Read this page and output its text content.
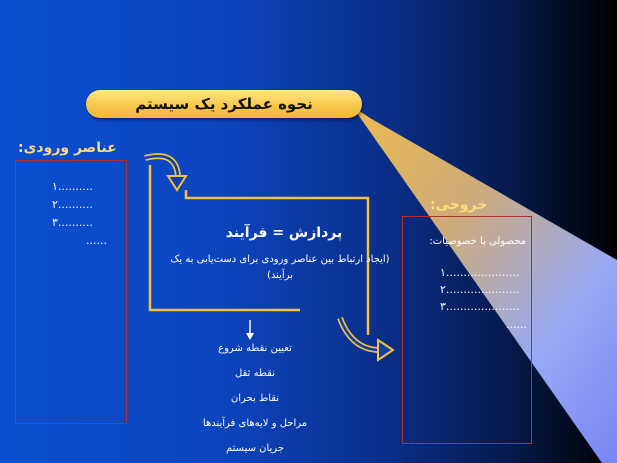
نحوه عملکرد یک سیستم
عناصر ورودی:
۱..........
۲..........
۳..........
......	پردازش = فرآیند
(ایجاد ارتباط بین عناصر ورودی برای دست‌یابی به یک برآیند)
تعیین نقطه شروع
نقطه ثقل
نقاط بحران
مراحل و لایه‌های فرآیندها
جریان سیستم
خروجی:
محصولی با خصوصیات:
۱.....................
۲.....................
۳.....................
......
